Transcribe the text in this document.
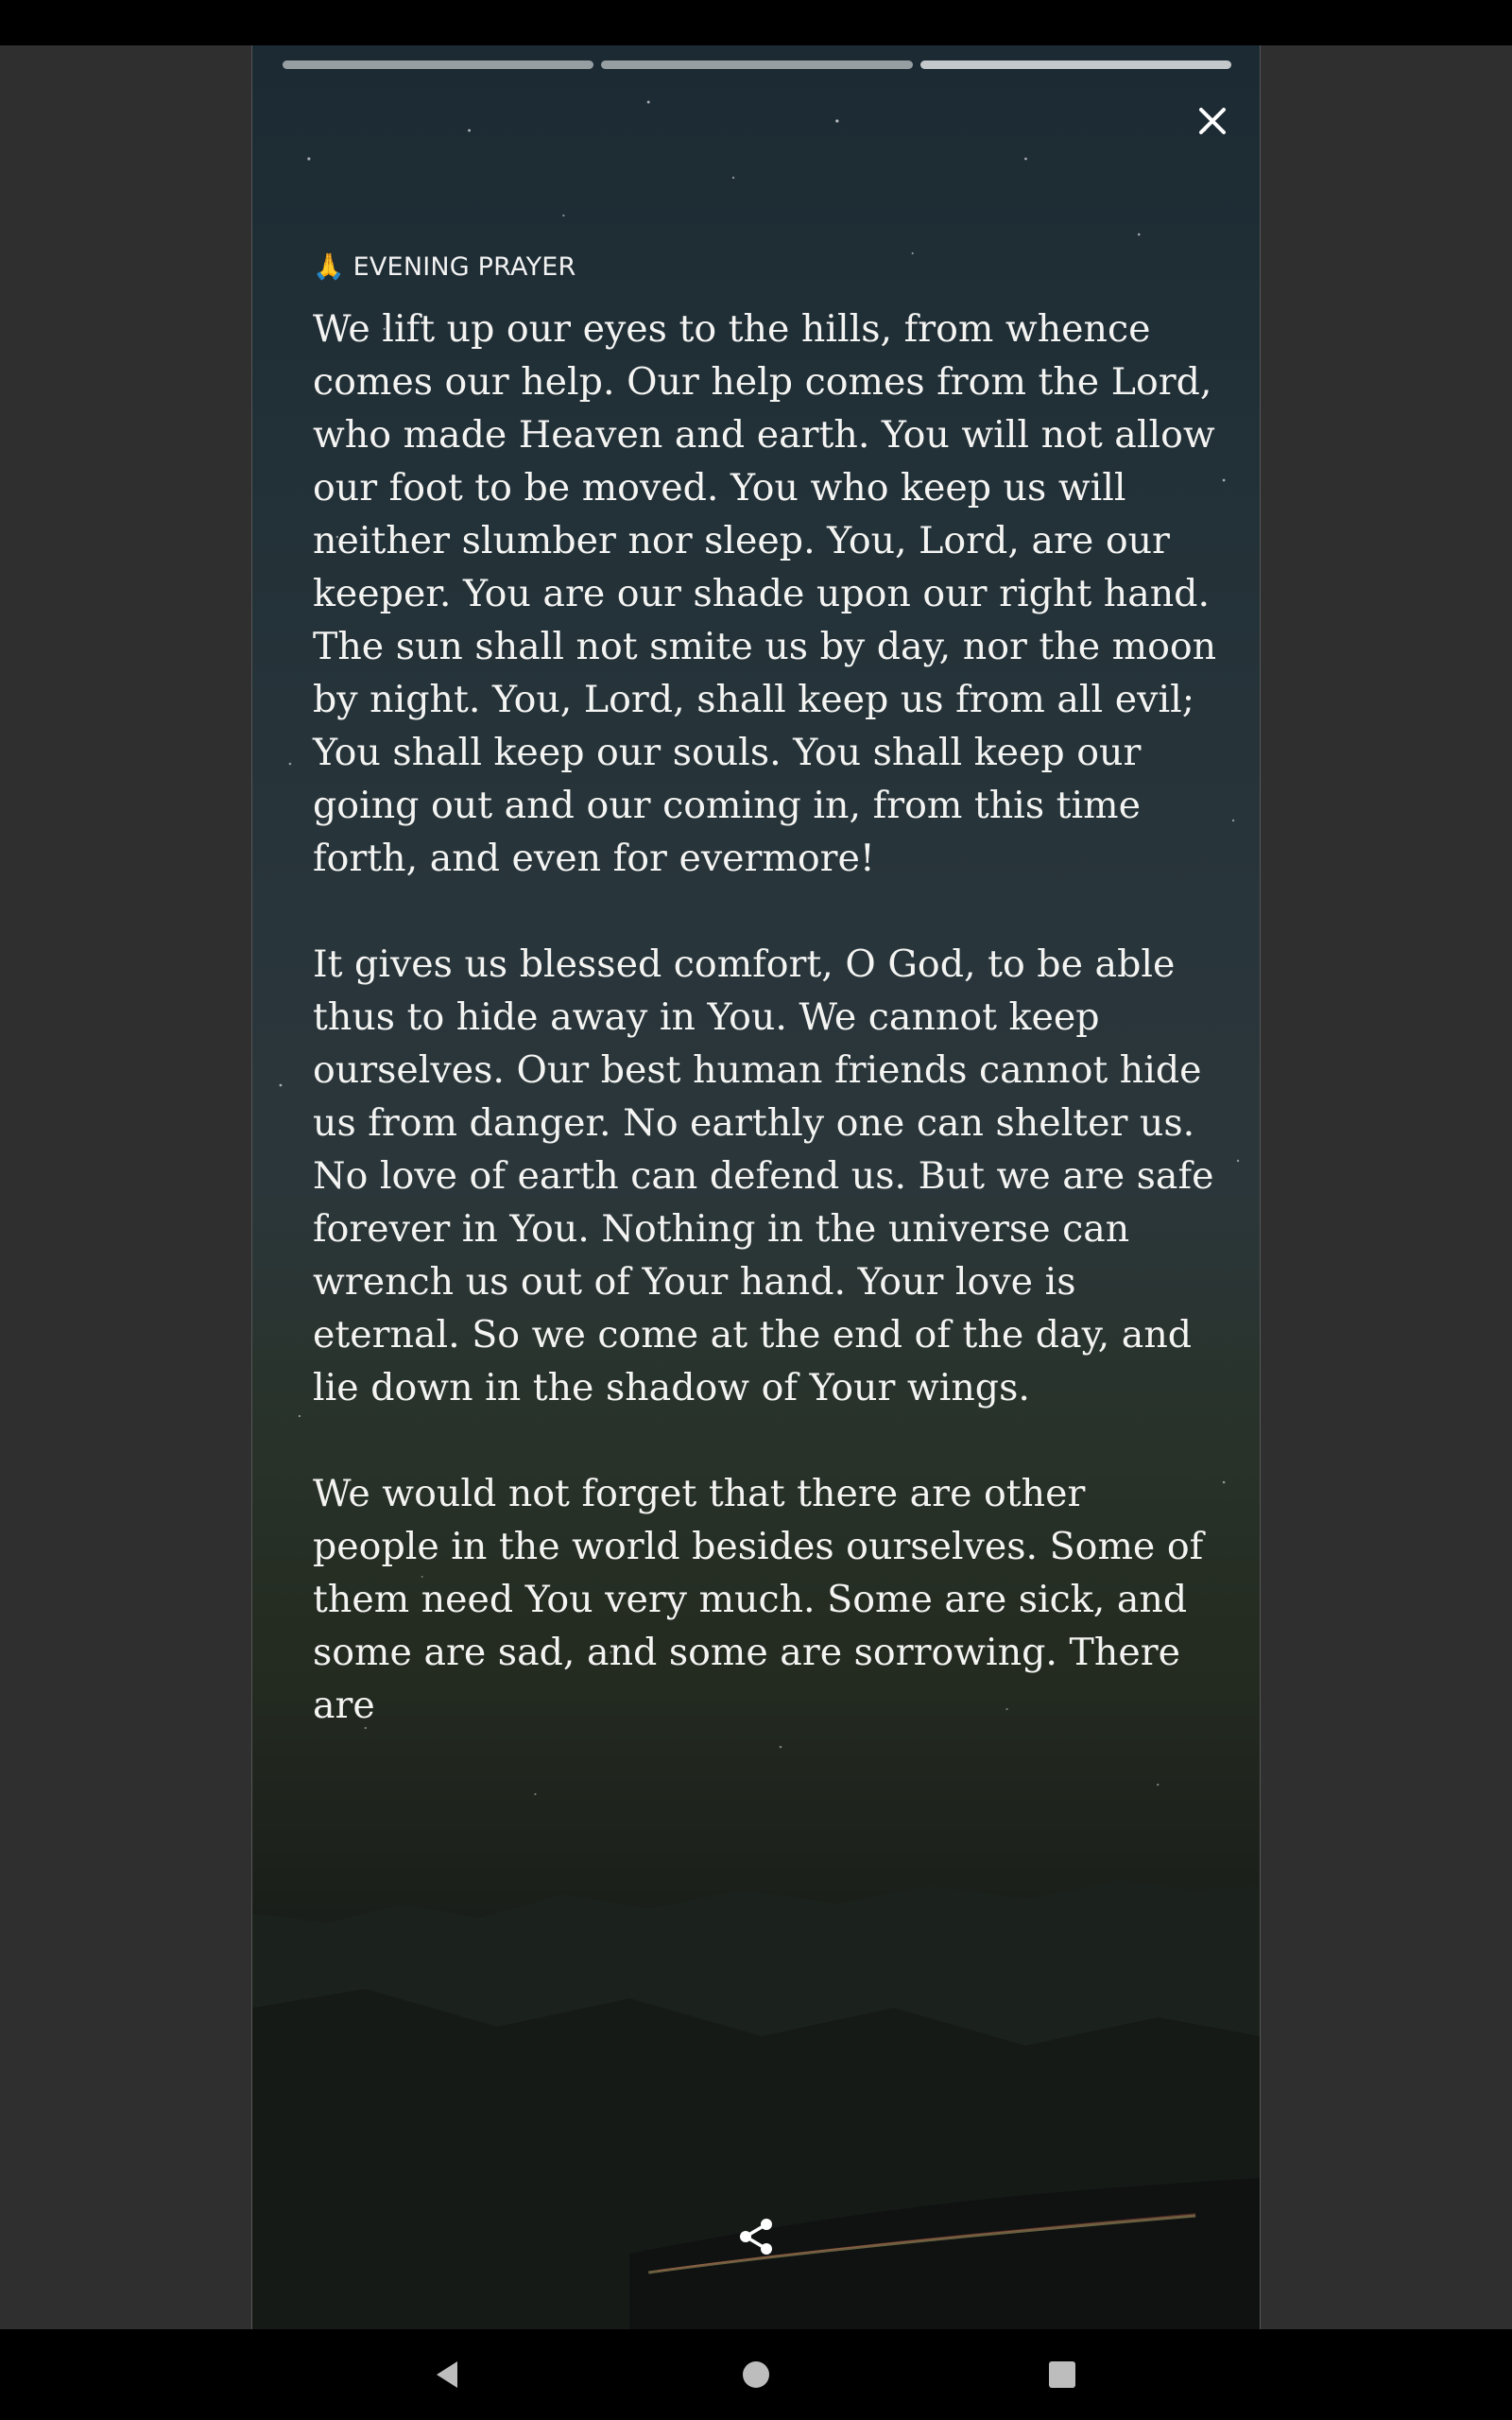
🙏 EVENING PRAYER

We lift up our eyes to the hills, from whence comes our help. Our help comes from the Lord, who made Heaven and earth. You will not allow our foot to be moved. You who keep us will neither slumber nor sleep. You, Lord, are our keeper. You are our shade upon our right hand. The sun shall not smite us by day, nor the moon by night. You, Lord, shall keep us from all evil; You shall keep our souls. You shall keep our going out and our coming in, from this time forth, and even for evermore!

It gives us blessed comfort, O God, to be able thus to hide away in You. We cannot keep ourselves. Our best human friends cannot hide us from danger. No earthly one can shelter us. No love of earth can defend us. But we are safe forever in You. Nothing in the universe can wrench us out of Your hand. Your love is eternal. So we come at the end of the day, and lie down in the shadow of Your wings.

We would not forget that there are other people in the world besides ourselves. Some of them need You very much. Some are sick, and some are sad, and some are sorrowing. There are
